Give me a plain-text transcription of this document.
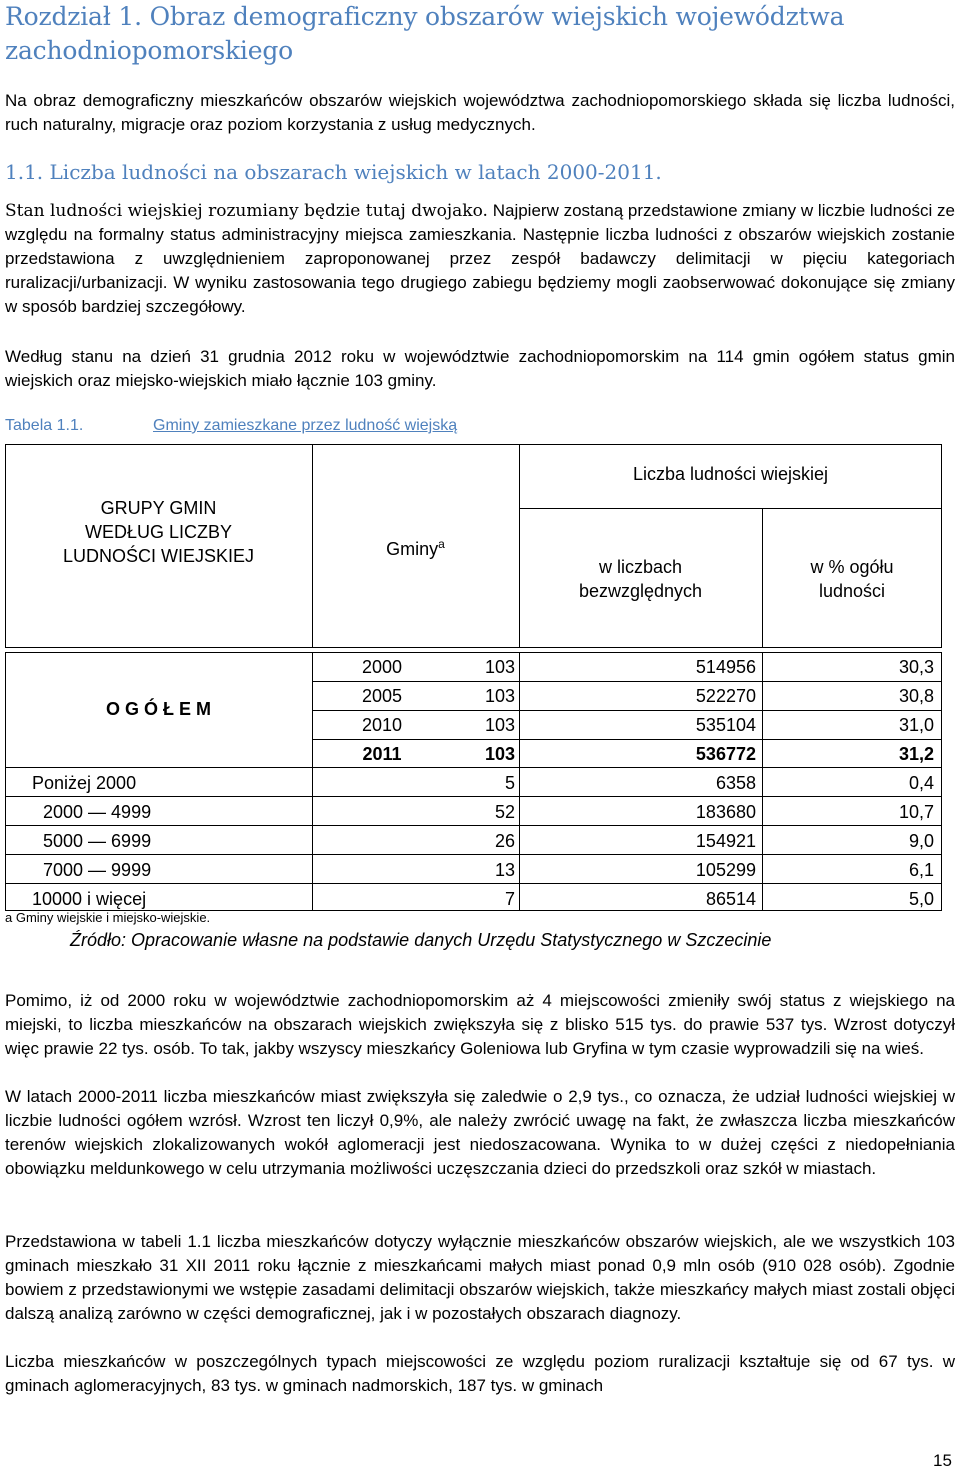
Rozdział 1. Obraz demograficzny obszarów wiejskich województwa zachodniopomorskiego

Na obraz demograficzny mieszkańców obszarów wiejskich województwa zachodniopomorskiego składa się liczba ludności, ruch naturalny, migracje oraz poziom korzystania z usług medycznych.

1.1. Liczba ludności na obszarach wiejskich w latach 2000-2011.

Stan ludności wiejskiej rozumiany będzie tutaj dwojako. Najpierw zostaną przedstawione zmiany w liczbie ludności ze względu na formalny status administracyjny miejsca zamieszkania. Następnie liczba ludności z obszarów wiejskich zostanie przedstawiona z uwzględnieniem zaproponowanej przez zespół badawczy delimitacji w pięciu kategoriach ruralizacji/urbanizacji. W wyniku zastosowania tego drugiego zabiegu będziemy mogli zaobserwować dokonujące się zmiany w sposób bardziej szczegółowy.

Według stanu na dzień 31 grudnia 2012 roku w województwie zachodniopomorskim na 114 gmin ogółem status gmin wiejskich oraz miejsko-wiejskich miało łącznie 103 gminy.

Tabela 1.1.	Gminy zamieszkane przez ludność wiejską
GRUPY GMIN
WEDŁUG LICZBY
LUDNOŚCI WIEJSKIEJ	Gminy$^a$
Liczba ludności wiejskiej
w liczbach
bezwzględnych
w % ogółu
ludności
O G Ó Ł E M
2000	103	514956	30,3
2005	103	522270	30,8
2010	103	535104	31,0
2011	103	536772	31,2
Poniżej 2000	5	6358	0,4
2000 — 4999	52	183680	10,7
5000 — 6999	26	154921	9,0
7000 — 9999	13	105299	6,1
10000 i więcej	7	86514	5,0
a Gminy wiejskie i miejsko-wiejskie.
Źródło: Opracowanie własne na podstawie danych Urzędu Statystycznego w Szczecinie

Pomimo, iż od 2000 roku w województwie zachodniopomorskim aż 4 miejscowości zmieniły swój status z wiejskiego na miejski, to liczba mieszkańców na obszarach wiejskich zwiększyła się z blisko 515 tys. do prawie 537 tys. Wzrost dotyczył więc prawie 22 tys. osób. To tak, jakby wszyscy mieszkańcy Goleniowa lub Gryfina w tym czasie wyprowadzili się na wieś.

W latach 2000-2011 liczba mieszkańców miast zwiększyła się zaledwie o 2,9 tys., co oznacza, że udział ludności wiejskiej w liczbie ludności ogółem wzrósł. Wzrost ten liczył 0,9%, ale należy zwrócić uwagę na fakt, że zwłaszcza liczba mieszkańców terenów wiejskich zlokalizowanych wokół aglomeracji jest niedoszacowana. Wynika to w dużej części z niedopełniania obowiązku meldunkowego w celu utrzymania możliwości uczęszczania dzieci do przedszkoli oraz szkół w miastach.

Przedstawiona w tabeli 1.1 liczba mieszkańców dotyczy wyłącznie mieszkańców obszarów wiejskich, ale we wszystkich 103 gminach mieszkało 31 XII 2011 roku łącznie z mieszkańcami małych miast ponad 0,9 mln osób (910 028 osób). Zgodnie bowiem z przedstawionymi we wstępie zasadami delimitacji obszarów wiejskich, także mieszkańcy małych miast zostali objęci dalszą analizą zarówno w części demograficznej, jak i w pozostałych obszarach diagnozy.

Liczba mieszkańców w poszczególnych typach miejscowości ze względu poziom ruralizacji kształtuje się od 67 tys. w gminach aglomeracyjnych, 83 tys. w gminach nadmorskich, 187 tys. w gminach

15
